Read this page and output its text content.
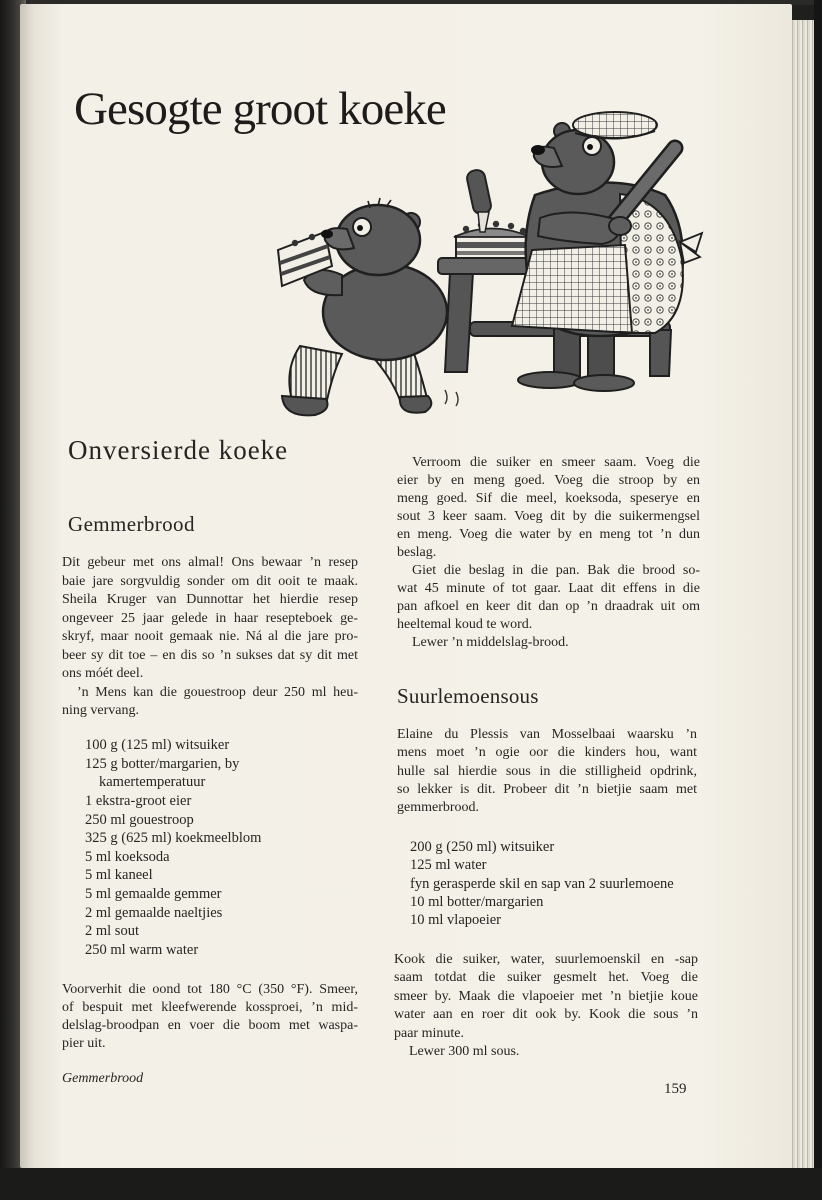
Gesogte groot koeke
Onversierde koeke
Gemmerbrood
Dit gebeur met ons almal! Ons bewaar ’n resep
baie jare sorgvuldig sonder om dit ooit te maak.
Sheila Kruger van Dunnottar het hierdie resep
ongeveer 25 jaar gelede in haar resepteboek ge-
skryf, maar nooit gemaak nie. Ná al die jare pro-
beer sy dit toe – en dis so ’n sukses dat sy dit met
ons móét deel.
’n Mens kan die gouestroop deur 250 ml heu-
ning vervang.
100 g (125 ml) witsuiker
125 g botter/margarien, by
kamertemperatuur
1 ekstra-groot eier
250 ml gouestroop
325 g (625 ml) koekmeelblom
5 ml koeksoda
5 ml kaneel
5 ml gemaalde gemmer
2 ml gemaalde naeltjies
2 ml sout
250 ml warm water
Voorverhit die oond tot 180 °C (350 °F). Smeer,
of bespuit met kleefwerende kossproei, ’n mid-
delslag-broodpan en voer die boom met waspa-
pier uit.
Gemmerbrood
Verroom die suiker en smeer saam. Voeg die
eier by en meng goed. Voeg die stroop by en
meng goed. Sif die meel, koeksoda, speserye en
sout 3 keer saam. Voeg dit by die suikermengsel
en meng. Voeg die water by en meng tot ’n dun
beslag.
Giet die beslag in die pan. Bak die brood so-
wat 45 minute of tot gaar. Laat dit effens in die
pan afkoel en keer dit dan op ’n draadrak uit om
heeltemal koud te word.
Lewer ’n middelslag-brood.
Suurlemoensous
Elaine du Plessis van Mosselbaai waarsku ’n
mens moet ’n ogie oor die kinders hou, want
hulle sal hierdie sous in die stilligheid opdrink,
so lekker is dit. Probeer dit ’n bietjie saam met
gemmerbrood.
200 g (250 ml) witsuiker
125 ml water
fyn gerasperde skil en sap van 2 suurlemoene
10 ml botter/margarien
10 ml vlapoeier
Kook die suiker, water, suurlemoenskil en -sap
saam totdat die suiker gesmelt het. Voeg die
smeer by. Maak die vlapoeier met ’n bietjie koue
water aan en roer dit ook by. Kook die sous ’n
paar minute.
Lewer 300 ml sous.
159
